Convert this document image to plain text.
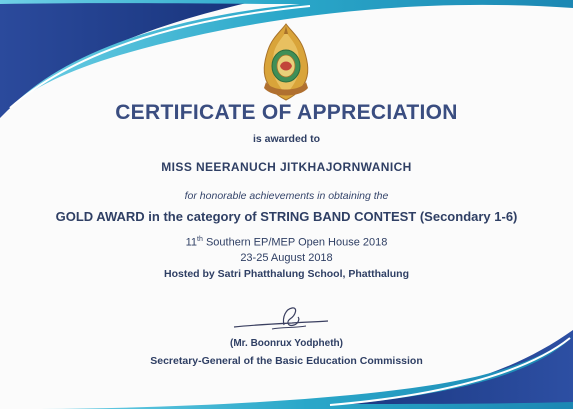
CERTIFICATE OF APPRECIATION

is awarded to

MISS NEERANUCH JITKHAJORNWANICH

for honorable achievements in obtaining the

GOLD AWARD in the category of STRING BAND CONTEST (Secondary 1-6)

11th Southern EP/MEP Open House 2018

23-25 August 2018

Hosted by Satri Phatthalung School, Phatthalung

(Mr. Boonrux Yodpheth)

Secretary-General of the Basic Education Commission
